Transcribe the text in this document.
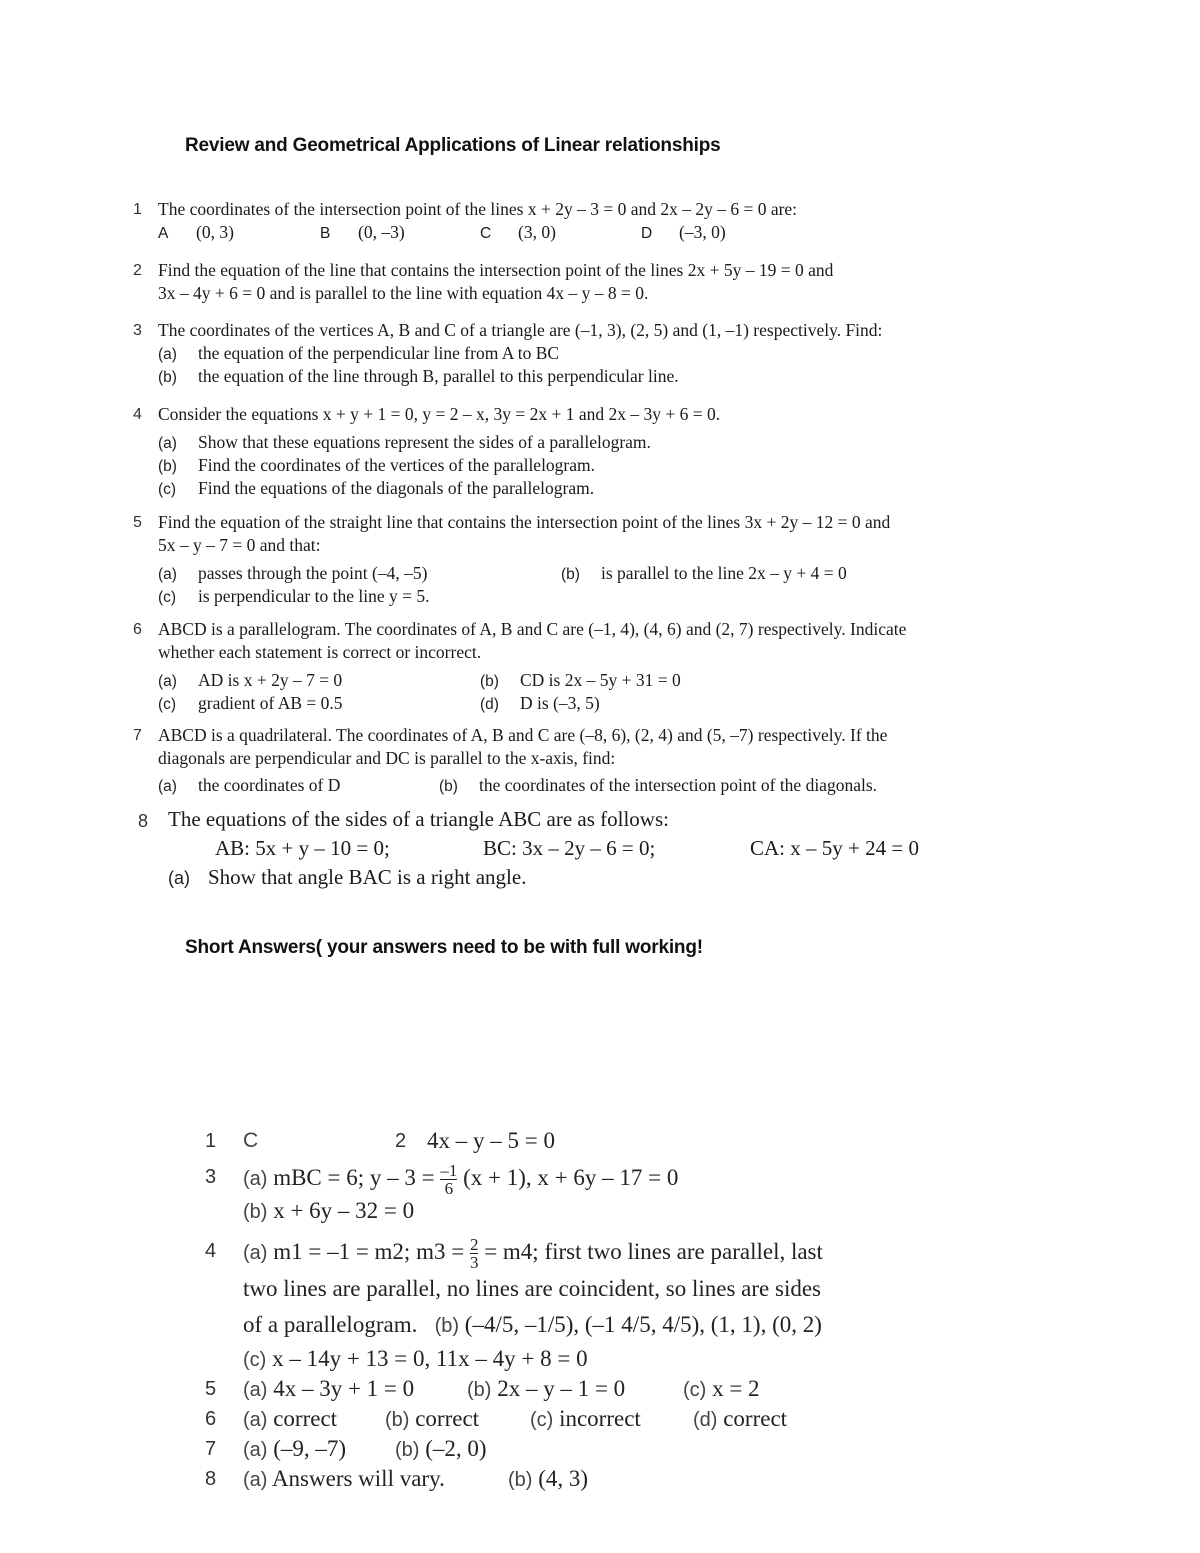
Review and Geometrical Applications of Linear relationships
1 The coordinates of the intersection point of the lines x + 2y – 3 = 0 and 2x – 2y – 6 = 0 are:
A (0, 3)	B (0, –3)	C (3, 0)	D (–3, 0)
2 Find the equation of the line that contains the intersection point of the lines 2x + 5y – 19 = 0 and
3x – 4y + 6 = 0 and is parallel to the line with equation 4x – y – 8 = 0.
3 The coordinates of the vertices A, B and C of a triangle are (–1, 3), (2, 5) and (1, –1) respectively. Find:
(a) the equation of the perpendicular line from A to BC
(b) the equation of the line through B, parallel to this perpendicular line.
4 Consider the equations x + y + 1 = 0, y = 2 – x, 3y = 2x + 1 and 2x – 3y + 6 = 0.
(a) Show that these equations represent the sides of a parallelogram.
(b) Find the coordinates of the vertices of the parallelogram.
(c) Find the equations of the diagonals of the parallelogram.
5 Find the equation of the straight line that contains the intersection point of the lines 3x + 2y – 12 = 0 and
5x – y – 7 = 0 and that:
(a) passes through the point (–4, –5)	(b) is parallel to the line 2x – y + 4 = 0
(c) is perpendicular to the line y = 5.
6 ABCD is a parallelogram. The coordinates of A, B and C are (–1, 4), (4, 6) and (2, 7) respectively. Indicate
whether each statement is correct or incorrect.
(a) AD is x + 2y – 7 = 0	(b) CD is 2x – 5y + 31 = 0
(c) gradient of AB = 0.5	(d) D is (–3, 5)
7 ABCD is a quadrilateral. The coordinates of A, B and C are (–8, 6), (2, 4) and (5, –7) respectively. If the
diagonals are perpendicular and DC is parallel to the x-axis, find:
(a) the coordinates of D	(b) the coordinates of the intersection point of the diagonals.
8 The equations of the sides of a triangle ABC are as follows:
AB: 5x + y – 10 = 0;	BC: 3x – 2y – 6 = 0;	CA: x – 5y + 24 = 0
(a) Show that angle BAC is a right angle.
Short Answers( your answers need to be with full working!
1 C	2 4x – y – 5 = 0
3 (a) mBC = 6; $y - 3 = \frac{-1}{6} (x + 1)$, x + 6y – 17 = 0
(b) x + 6y – 32 = 0
4 (a) m1 = –1 = m2; $m3 = \frac{2}{3} = m4$; first two lines are parallel, last
two lines are parallel, no lines are coincident, so lines are sides
of a parallelogram. (b) (–4/5, –1/5), (–1 4/5, 4/5), (1, 1), (0, 2)
(c) x – 14y + 13 = 0, 11x – 4y + 8 = 0
5 (a) 4x – 3y + 1 = 0	(b) 2x – y – 1 = 0	(c) x = 2
6 (a) correct (b) correct	(c) incorrect	(d) correct
7 (a) (–9, –7) (b) (–2, 0)
8 (a) Answers will vary.	(b) (4, 3)
